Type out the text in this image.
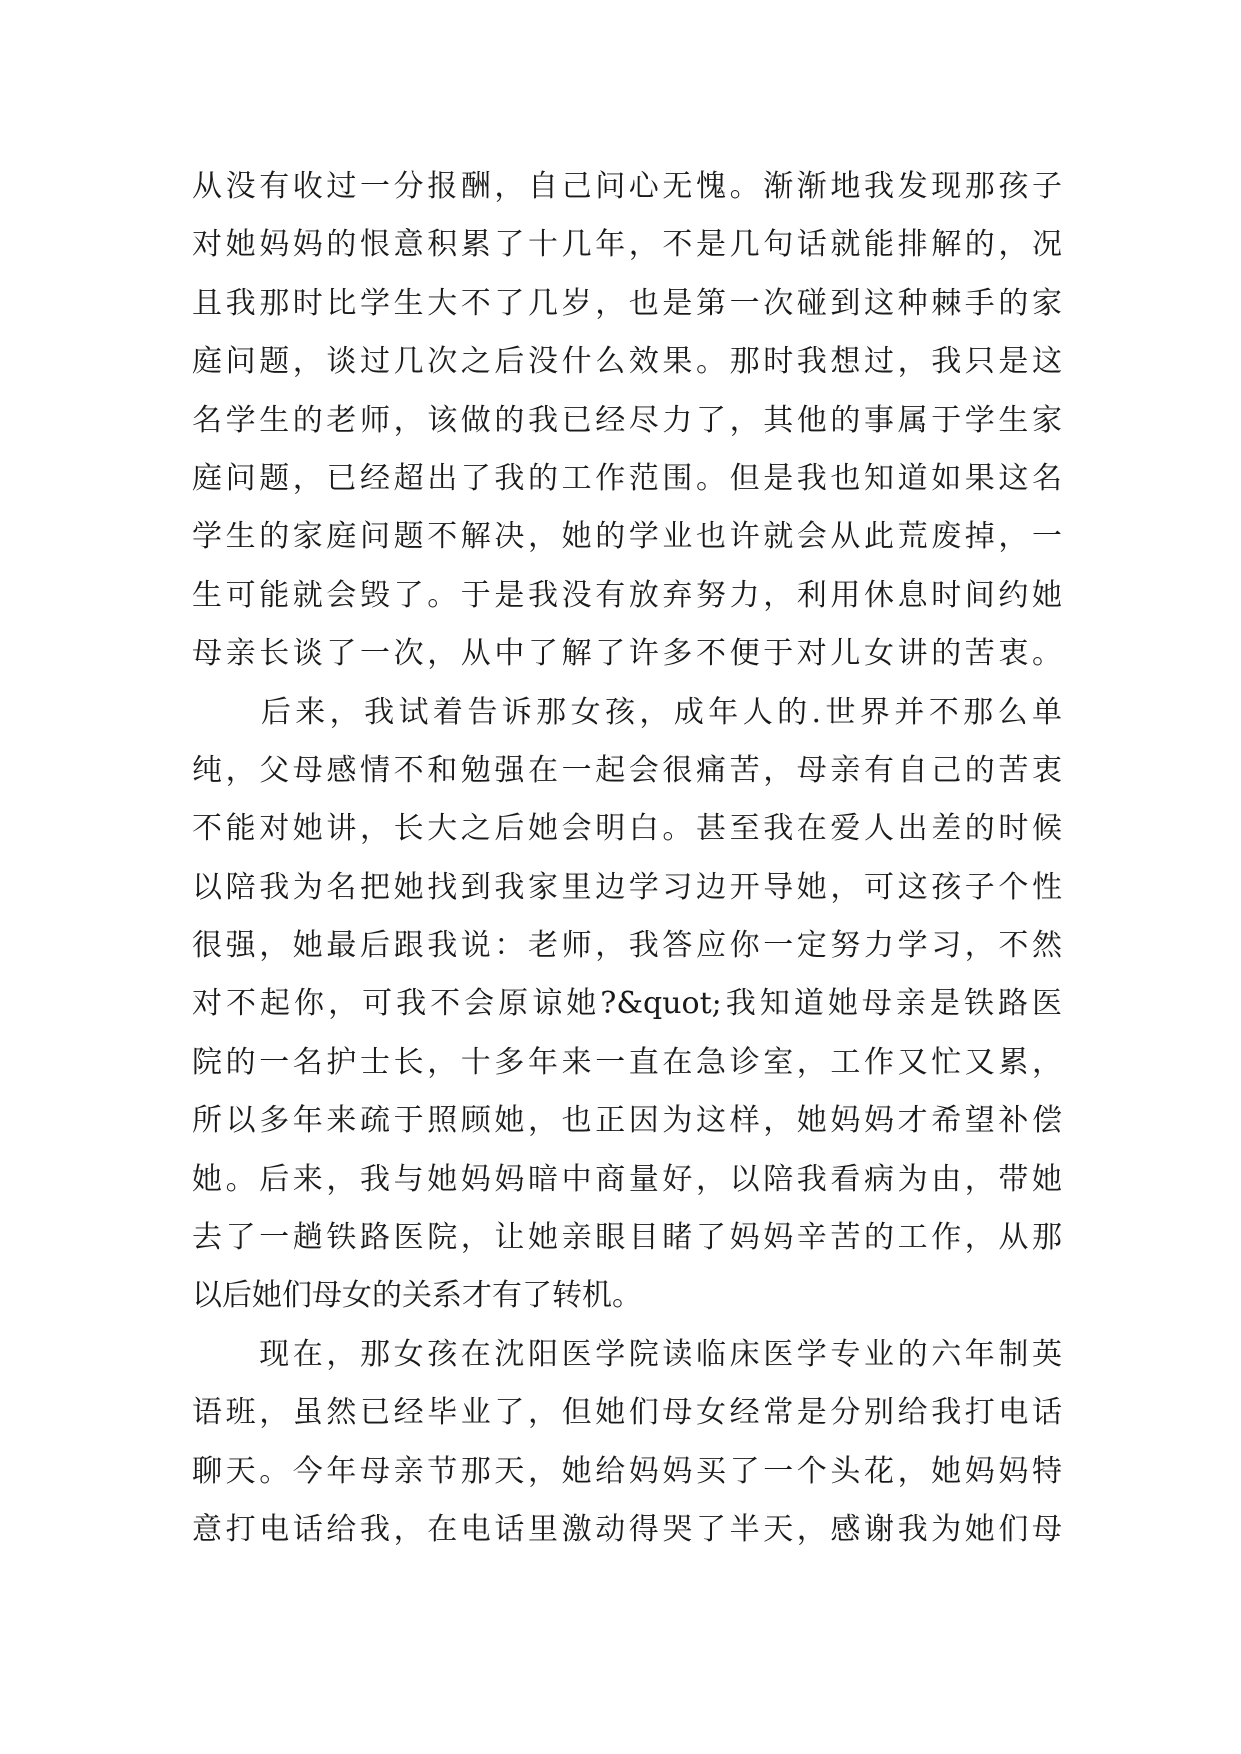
从没有收过一分报酬，自己问心无愧。渐渐地我发现那孩子
对她妈妈的恨意积累了十几年，不是几句话就能排解的，况
且我那时比学生大不了几岁，也是第一次碰到这种棘手的家
庭问题，谈过几次之后没什么效果。那时我想过，我只是这
名学生的老师，该做的我已经尽力了，其他的事属于学生家
庭问题，已经超出了我的工作范围。但是我也知道如果这名
学生的家庭问题不解决，她的学业也许就会从此荒废掉，一
生可能就会毁了。于是我没有放弃努力，利用休息时间约她
母亲长谈了一次，从中了解了许多不便于对儿女讲的苦衷。
　　后来，我试着告诉那女孩，成年人的.世界并不那么单
纯，父母感情不和勉强在一起会很痛苦，母亲有自己的苦衷
不能对她讲，长大之后她会明白。甚至我在爱人出差的时候
以陪我为名把她找到我家里边学习边开导她，可这孩子个性
很强，她最后跟我说：老师，我答应你一定努力学习，不然
对不起你，可我不会原谅她?&quot;我知道她母亲是铁路医
院的一名护士长，十多年来一直在急诊室，工作又忙又累，
所以多年来疏于照顾她，也正因为这样，她妈妈才希望补偿
她。后来，我与她妈妈暗中商量好，以陪我看病为由，带她
去了一趟铁路医院，让她亲眼目睹了妈妈辛苦的工作，从那
以后她们母女的关系才有了转机。
　　现在，那女孩在沈阳医学院读临床医学专业的六年制英
语班，虽然已经毕业了，但她们母女经常是分别给我打电话
聊天。今年母亲节那天，她给妈妈买了一个头花，她妈妈特
意打电话给我，在电话里激动得哭了半天，感谢我为她们母
